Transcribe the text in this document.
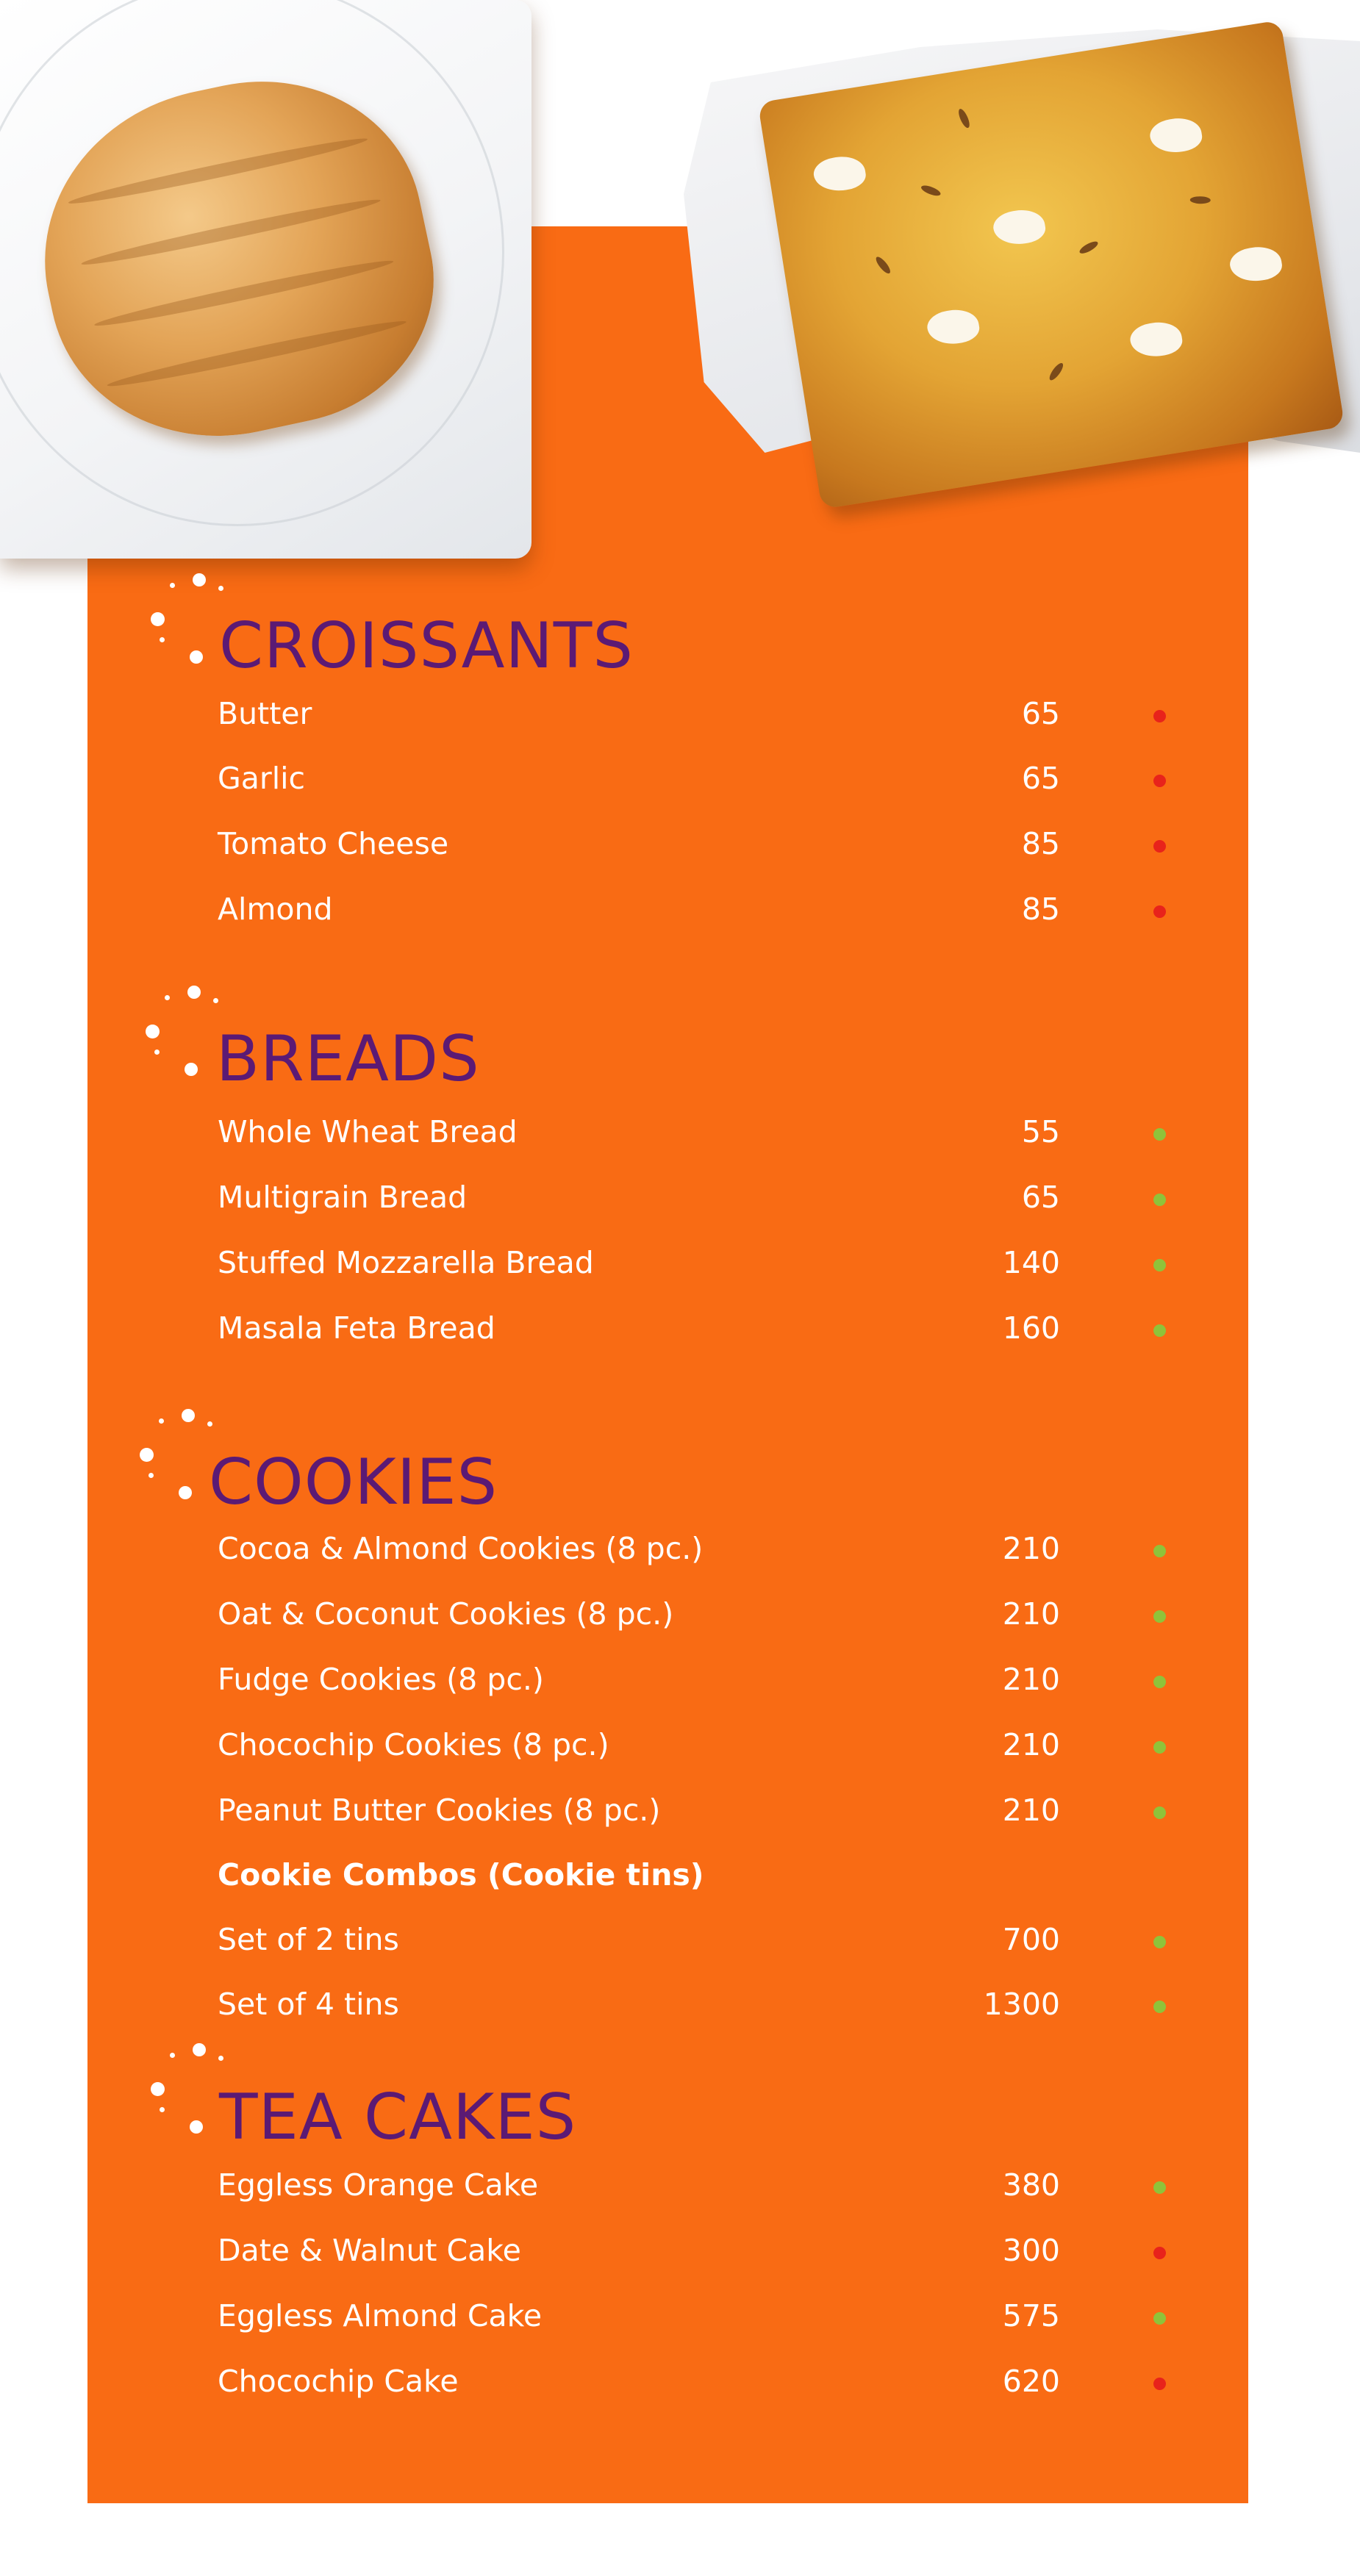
CROISSANTS
Butter	65
Garlic	65
Tomato Cheese	85
Almond	85
BREADS
Whole Wheat Bread	55
Multigrain Bread	65
Stuffed Mozzarella Bread	140
Masala Feta Bread	160
COOKIES
Cocoa & Almond Cookies (8 pc.)	210
Oat & Coconut Cookies (8 pc.)	210
Fudge Cookies (8 pc.)	210
Chocochip Cookies (8 pc.)	210
Peanut Butter Cookies (8 pc.)	210
Cookie Combos (Cookie tins)
Set of 2 tins	700
Set of 4 tins	1300
TEA CAKES
Eggless Orange Cake	380
Date & Walnut Cake	300
Eggless Almond Cake	575
Chocochip Cake	620
